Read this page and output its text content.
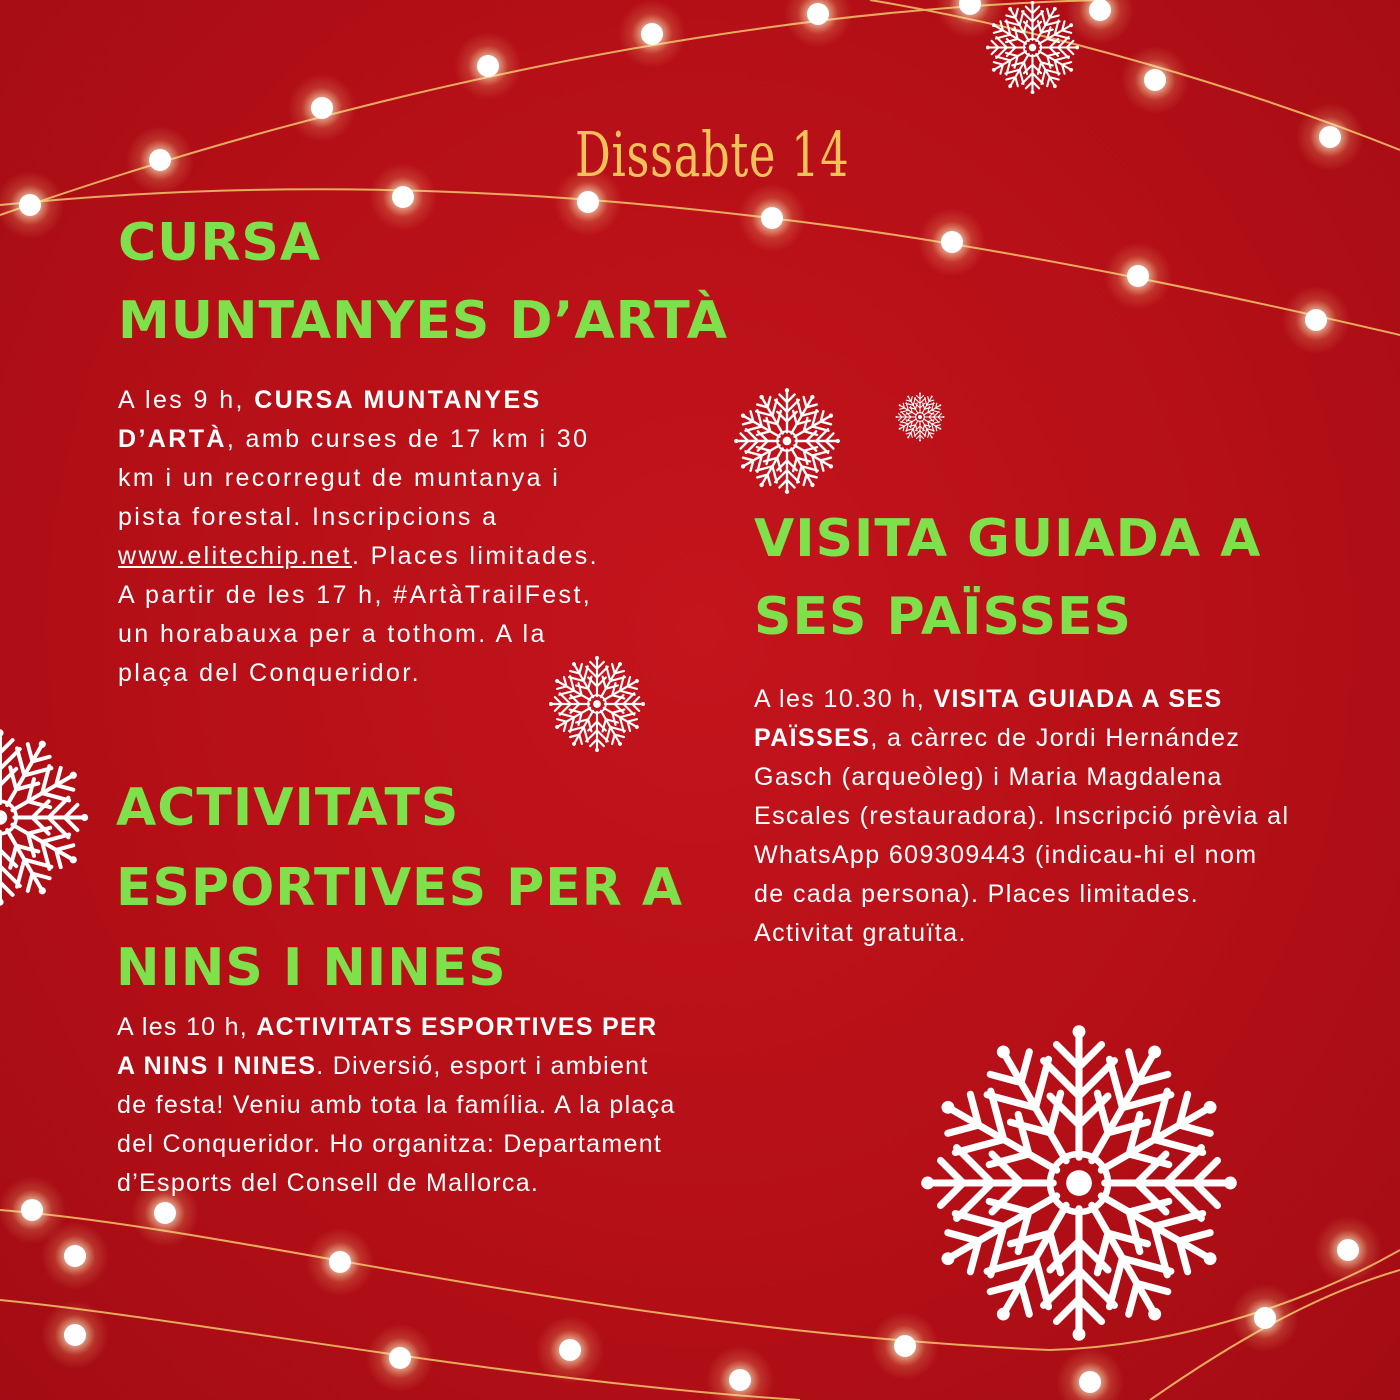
Dissabte 14
CURSA
MUNTANYES D’ARTÀ

A les 9 h, CURSA MUNTANYES D’ARTÀ, amb curses de 17 km i 30 km i un recorregut de muntanya i pista forestal. Inscripcions a www.elitechip.net. Places limitades. A partir de les 17 h, #ArtàTrailFest, un horabauxa per a tothom. A la plaça del Conqueridor.

VISITA GUIADA A
SES PAÏSSES

A les 10.30 h, VISITA GUIADA A SES PAÏSSES, a càrrec de Jordi Hernández Gasch (arqueòleg) i Maria Magdalena Escales (restauradora). Inscripció prèvia al WhatsApp 609309443 (indicau-hi el nom de cada persona). Places limitades. Activitat gratuïta.

ACTIVITATS
ESPORTIVES PER A
NINS I NINES

A les 10 h, ACTIVITATS ESPORTIVES PER A NINS I NINES. Diversió, esport i ambient de festa! Veniu amb tota la família. A la plaça del Conqueridor. Ho organitza: Departament d’Esports del Consell de Mallorca.
